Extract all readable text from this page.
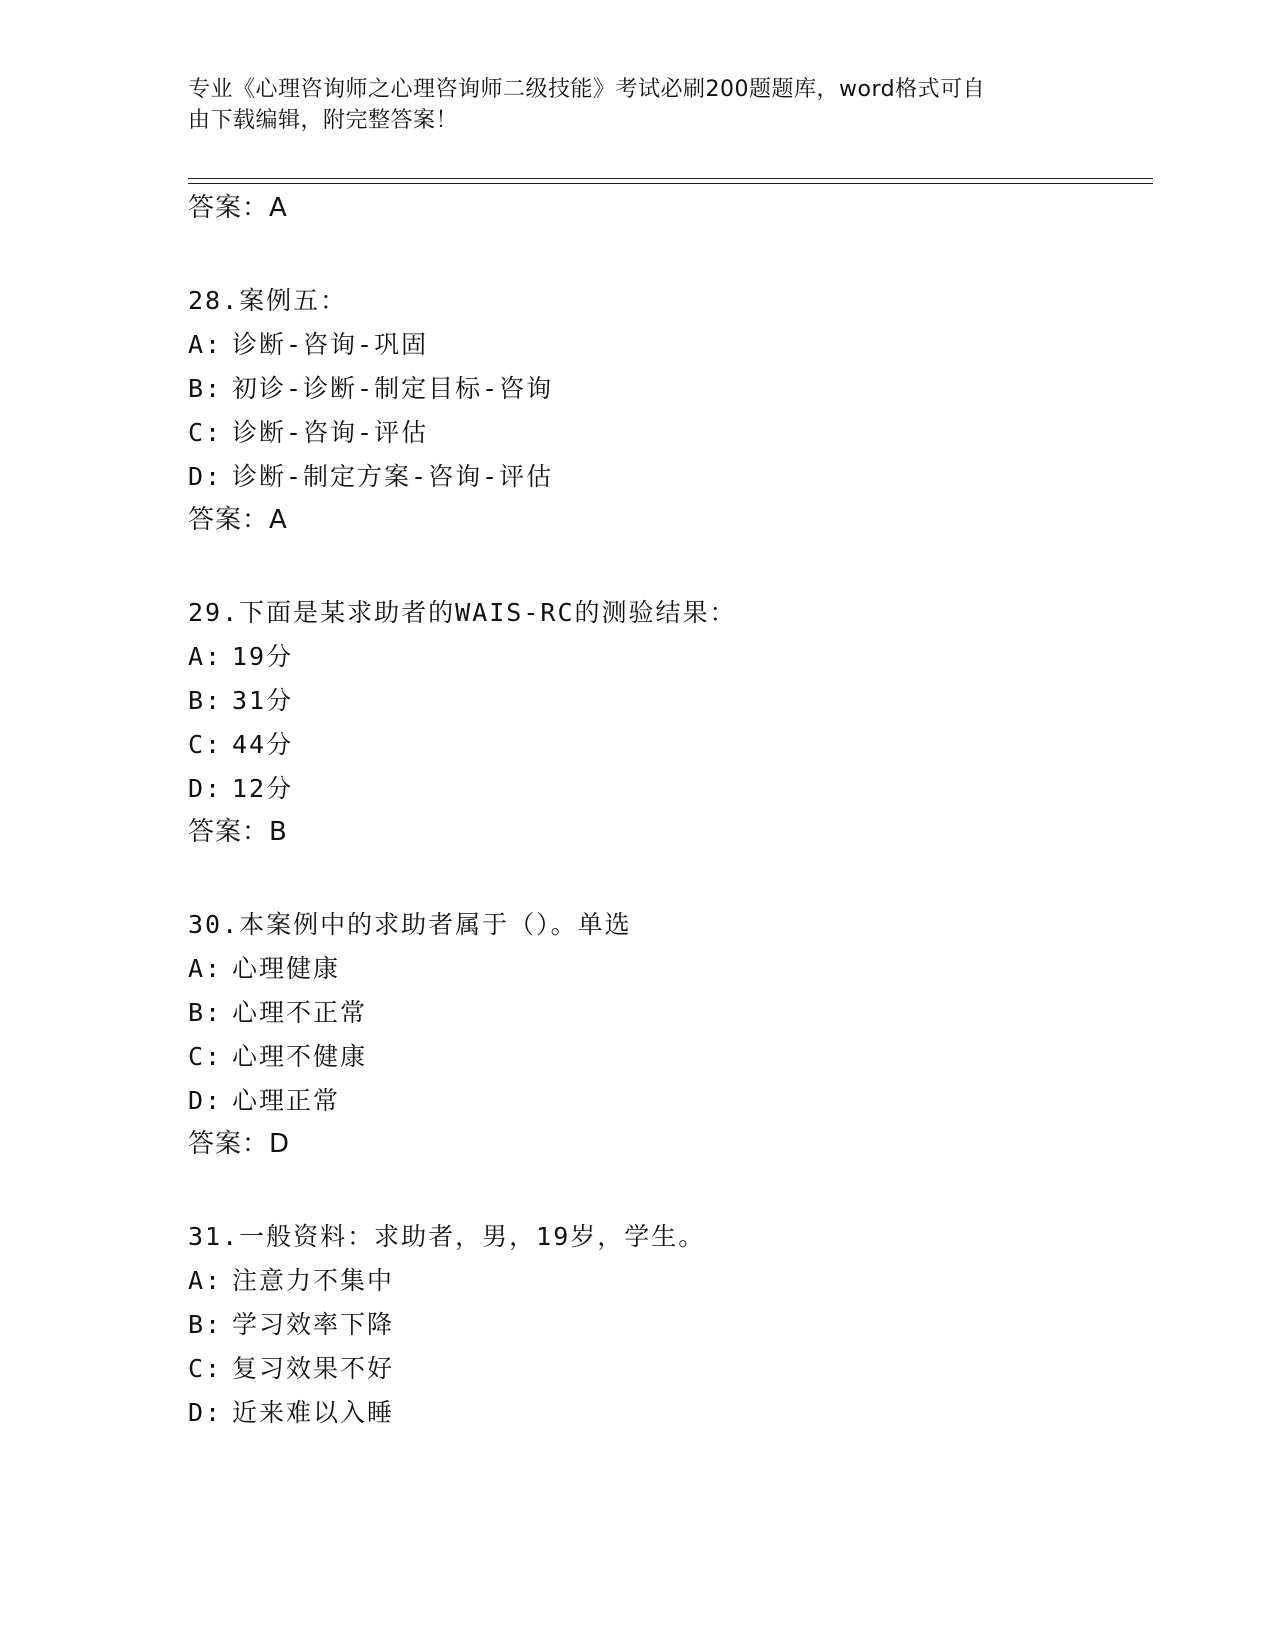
专业《心理咨询师之心理咨询师二级技能》考试必刷200题题库，word格式可自
由下载编辑，附完整答案！
答案：A
28.案例五：
A: 诊断-咨询-巩固
B: 初诊-诊断-制定目标-咨询
C: 诊断-咨询-评估
D: 诊断-制定方案-咨询-评估
答案：A
29.下面是某求助者的WAIS-RC的测验结果：
A: 19分
B: 31分
C: 44分
D: 12分
答案：B
30.本案例中的求助者属于（）。单选
A: 心理健康
B: 心理不正常
C: 心理不健康
D: 心理正常
答案：D
31.一般资料：求助者，男，19岁，学生。
A: 注意力不集中
B: 学习效率下降
C: 复习效果不好
D: 近来难以入睡
